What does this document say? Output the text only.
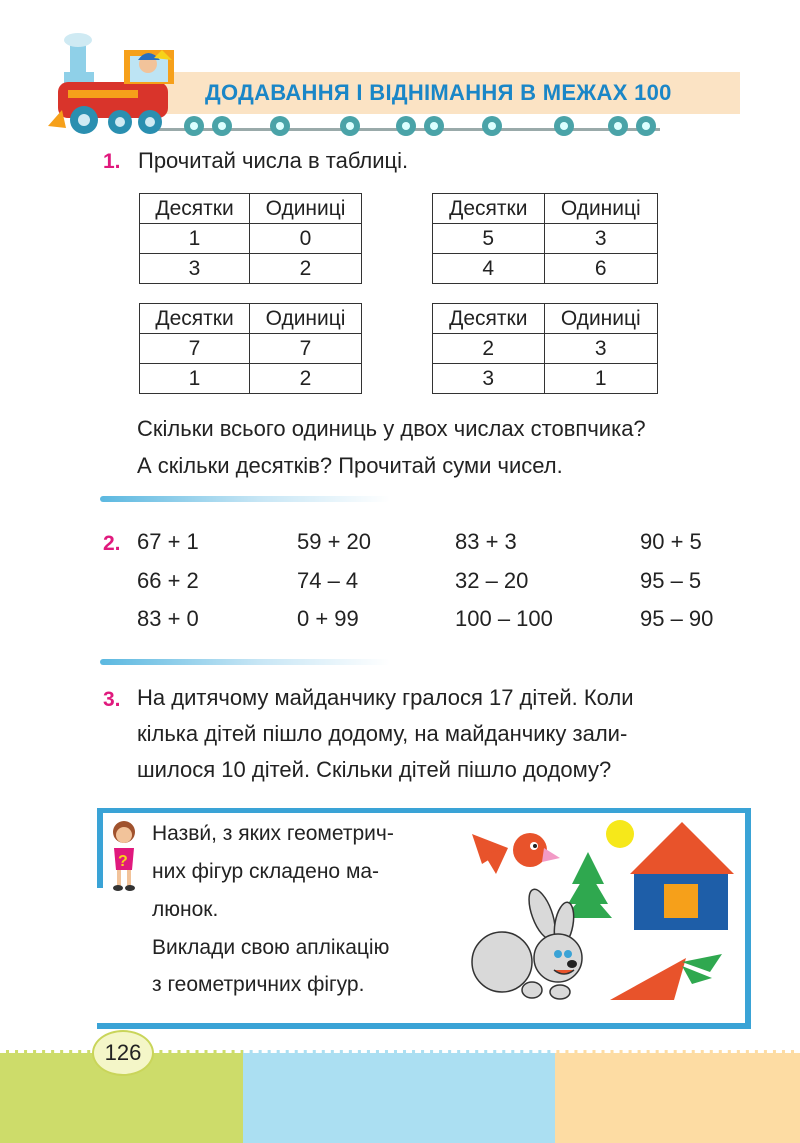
ДОДАВАННЯ І ВІДНІМАННЯ В МЕЖАХ 100
1. Прочитай числа в таблиці.
Десятки	Одиниці
1	0
3	2
Десятки	Одиниці
5	3
4	6
Десятки	Одиниці
7	7
1	2
Десятки	Одиниці
2	3
3	1
Скільки всього одиниць у двох числах стовпчика?
А скільки десятків? Прочитай суми чисел.
2. 67 + 1	59 + 20	83 + 3	90 + 5
66 + 2	74 – 4	32 – 20	95 – 5
83 + 0	0 + 99	100 – 100	95 – 90
3. На дитячому майданчику гралося 17 дітей. Коли
кілька дітей пішло додому, на майданчику зали-
шилося 10 дітей. Скільки дітей пішло додому?
?
Назви́, з яких геометрич-
них фігур складено ма-
люнок.
Виклади свою аплікацію
з геометричних фігур.
126
